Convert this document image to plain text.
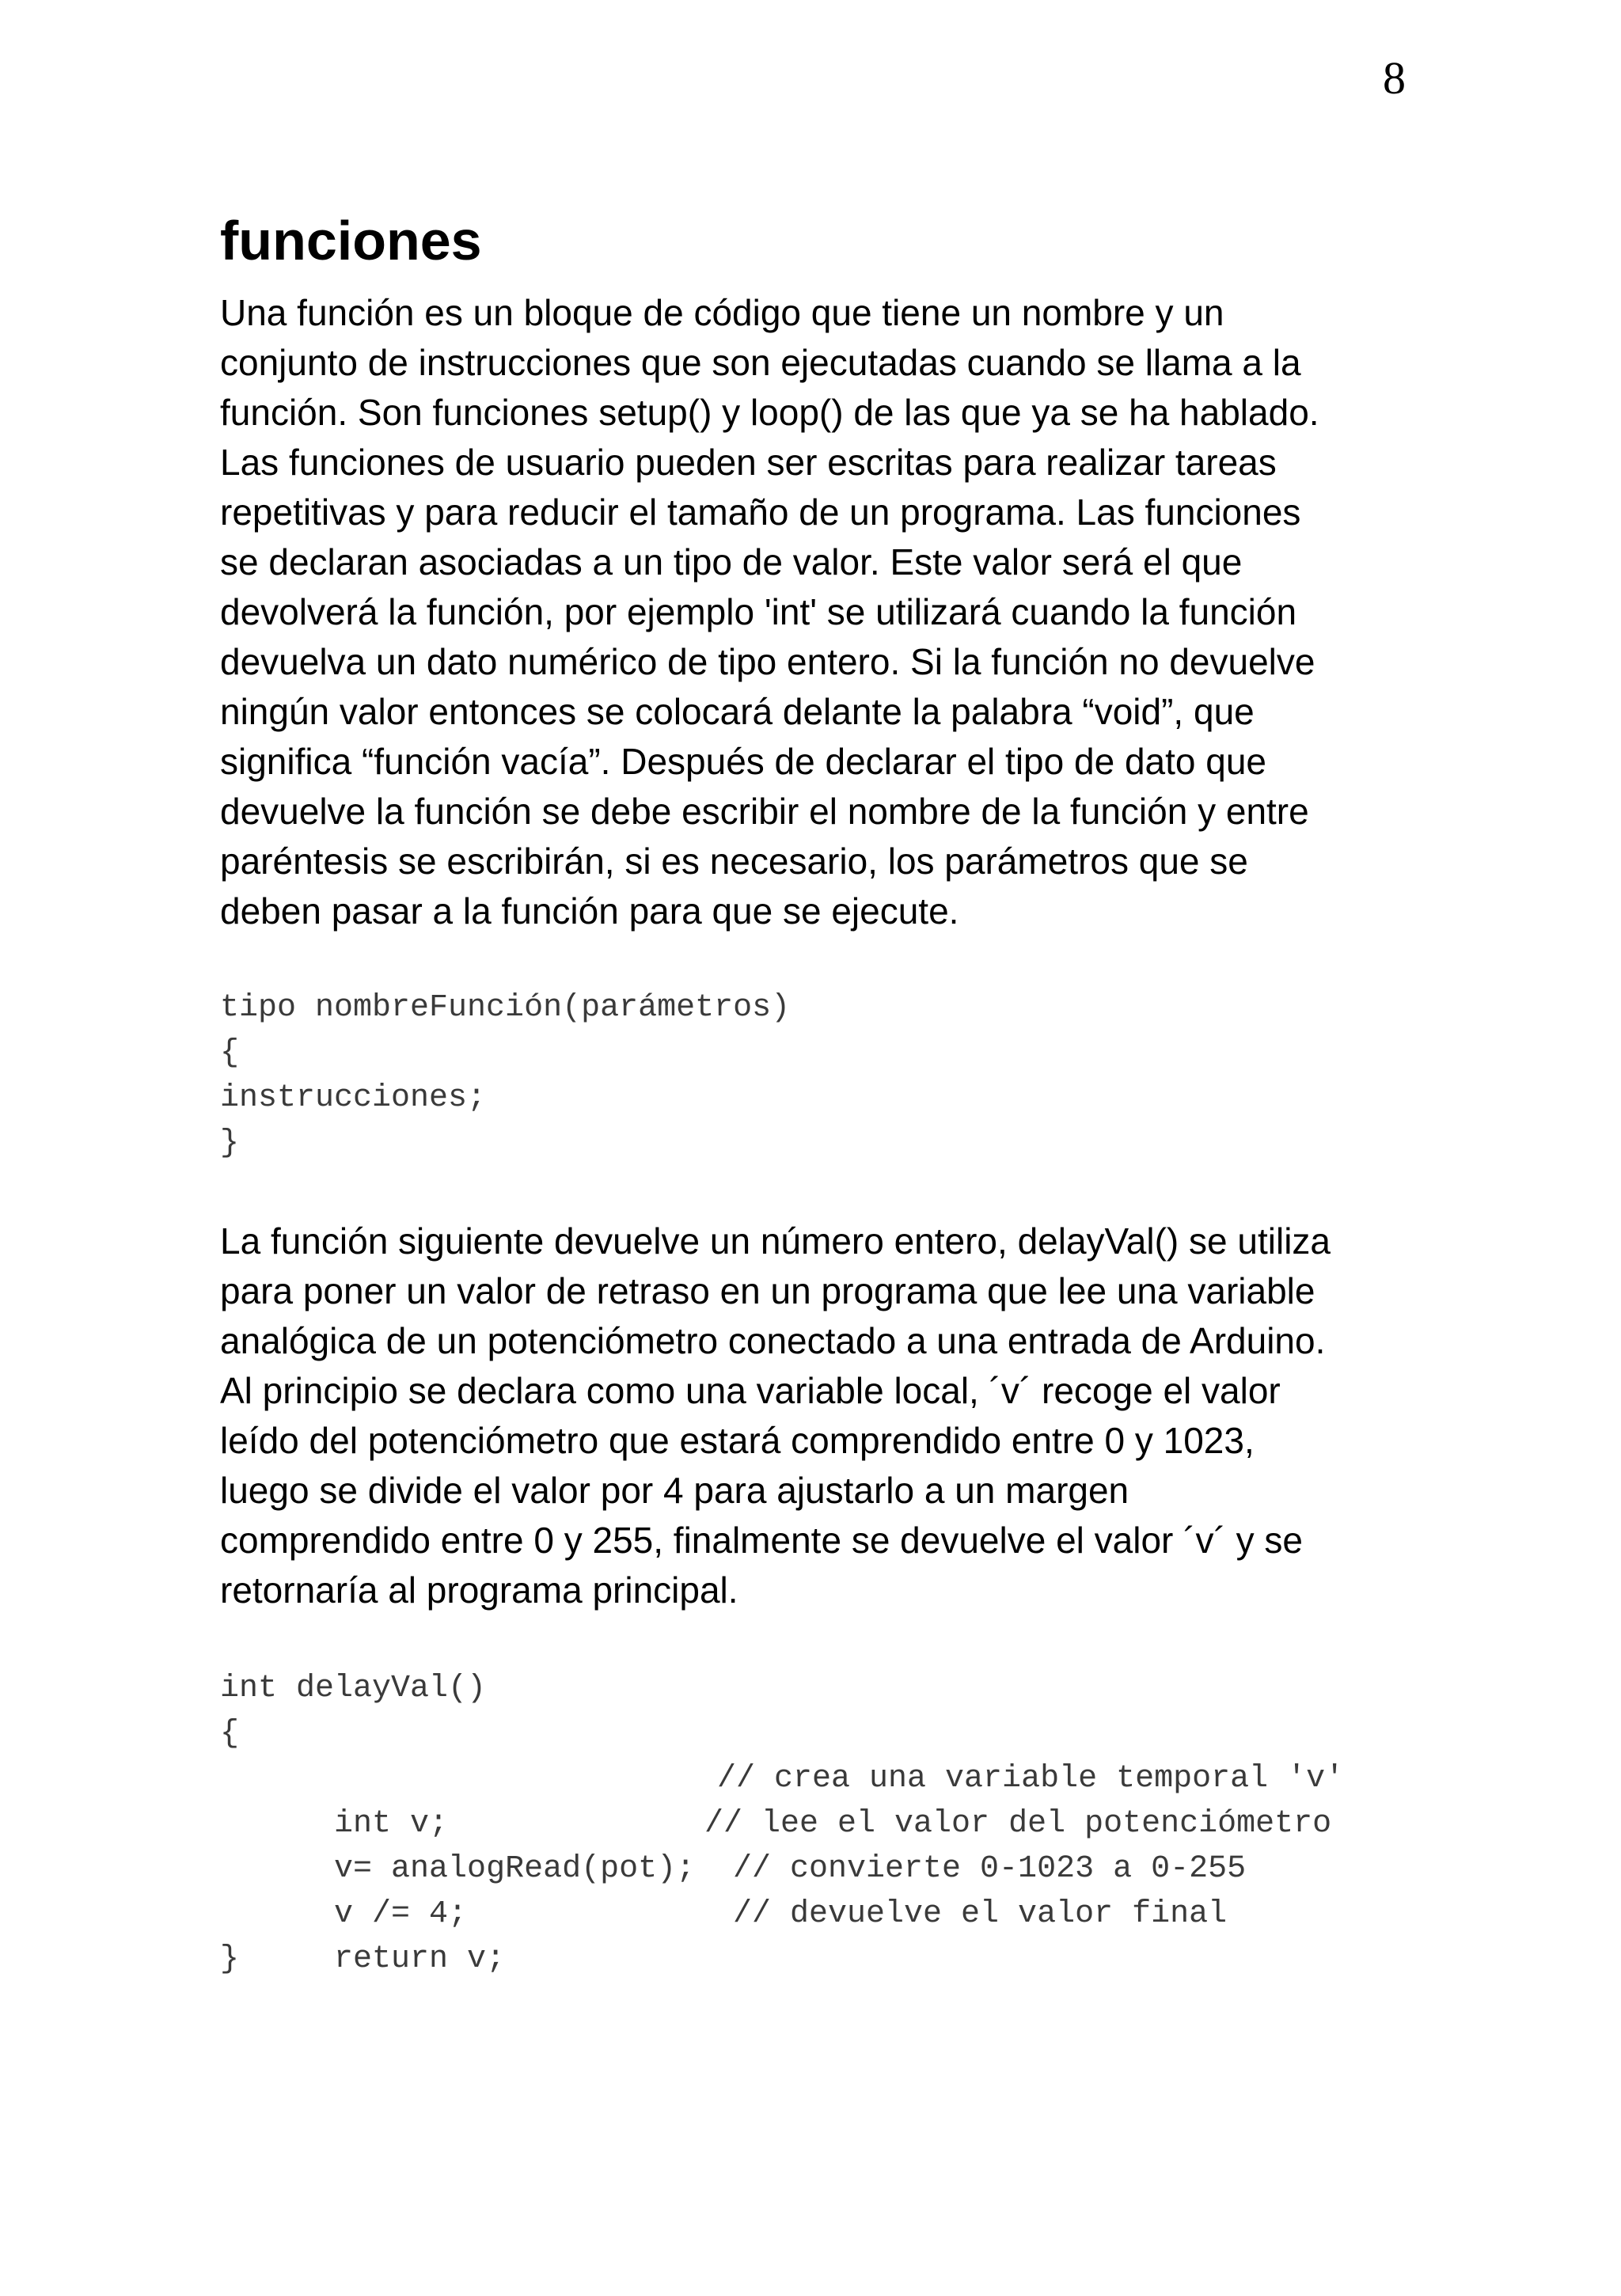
8
funciones

Una función es un bloque de código que tiene un nombre y un
conjunto de instrucciones que son ejecutadas cuando se llama a la
función. Son funciones setup() y loop() de las que ya se ha hablado.
Las funciones de usuario pueden ser escritas para realizar tareas
repetitivas y para reducir el tamaño de un programa. Las funciones
se declaran asociadas a un tipo de valor. Este valor será el que
devolverá la función, por ejemplo 'int' se utilizará cuando la función
devuelva un dato numérico de tipo entero. Si la función no devuelve
ningún valor entonces se colocará delante la palabra “void”, que
significa “función vacía”. Después de declarar el tipo de dato que
devuelve la función se debe escribir el nombre de la función y entre
paréntesis se escribirán, si es necesario, los parámetros que se
deben pasar a la función para que se ejecute.

tipo nombreFunción(parámetros)
{
instrucciones;
}

La función siguiente devuelve un número entero, delayVal() se utiliza
para poner un valor de retraso en un programa que lee una variable
analógica de un potenciómetro conectado a una entrada de Arduino.
Al principio se declara como una variable local, ´v´ recoge el valor
leído del potenciómetro que estará comprendido entre 0 y 1023,
luego se divide el valor por 4 para ajustarlo a un margen
comprendido entre 0 y 255, finalmente se devuelve el valor ´v´ y se
retornaría al programa principal.

int delayVal()
{

int v;

// crea una variable temporal 'v'

v= analogRead(pot);

// lee el valor del potenciómetro

v /= 4;

// convierte 0-1023 a 0-255

return v;

// devuelve el valor final

}
